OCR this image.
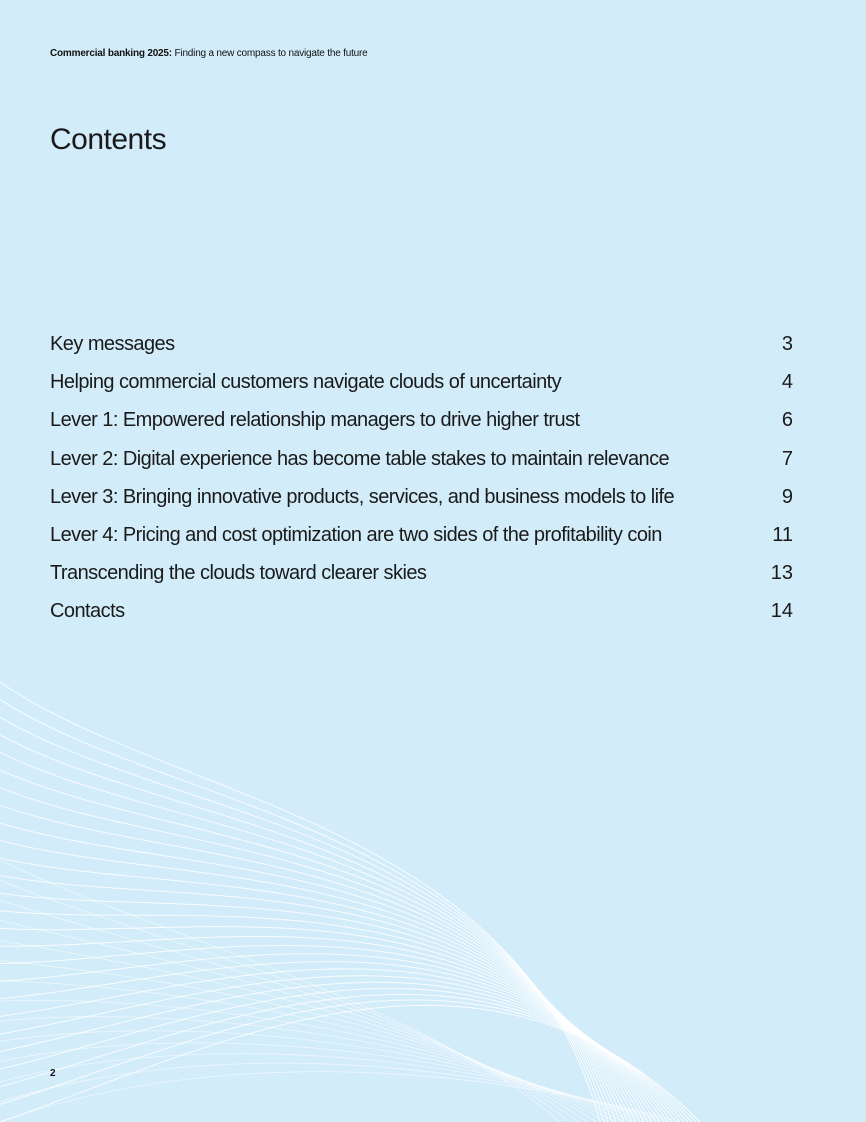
Commercial banking 2025: Finding a new compass to navigate the future
Contents
Key messages	3
Helping commercial customers navigate clouds of uncertainty	4
Lever 1: Empowered relationship managers to drive higher trust	6
Lever 2: Digital experience has become table stakes to maintain relevance	7
Lever 3: Bringing innovative products, services, and business models to life	9
Lever 4: Pricing and cost optimization are two sides of the profitability coin	11
Transcending the clouds toward clearer skies	13
Contacts	14
2
